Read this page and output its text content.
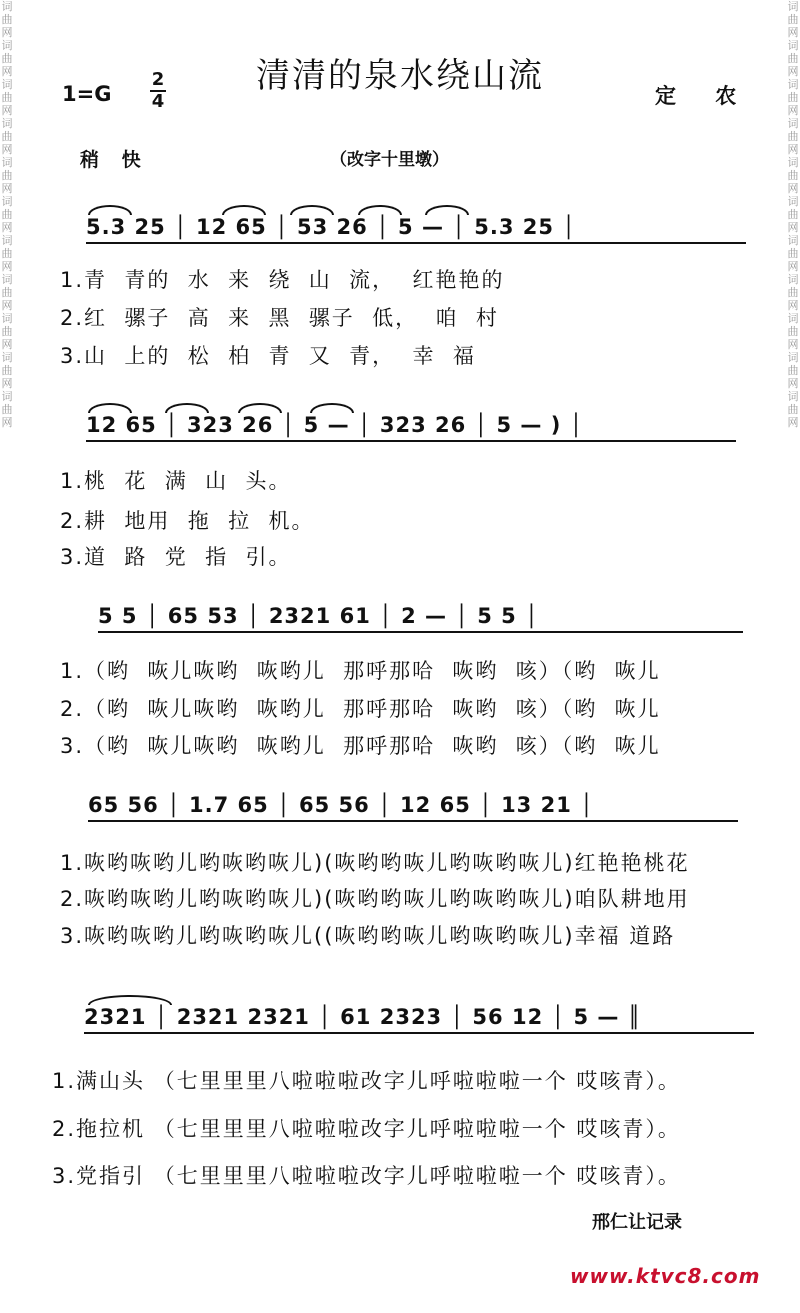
词
曲
网
词
曲
网
词
曲
网
词
曲
网
词
曲
网
词
曲
网
词
曲
网
词
曲
网
词
曲
网
词
曲
网
词
曲
网
词
曲
网
词
曲
网
词
曲
网
词
曲
网
词
曲
网
词
曲
网
词
曲
网
词
曲
网
词
曲
网
词
曲
网
词
曲
网
清清的泉水绕山流
1=G
2
4	定 农
稍 快	（改字十里墩）
5.3 25 │ 12 65 │ 53 26 │ 5 — │ 5.3 25 │
1.青  青的  水  来  绕  山  流，  红艳艳的
2.红  骡子  高  来  黑  骡子  低，  咱  村
3.山  上的  松  柏  青  又  青，  幸  福
12 65 │ 323 26 │ 5 — │ 323 26 │ 5 — ) │
1.桃  花  满  山  头。
2.耕  地用  拖  拉  机。
3.道  路  党  指  引。
5 5 │ 65 53 │ 2321 61 │ 2 — │ 5 5 │
1.（哟  咴儿咴哟  咴哟儿  那呼那哈  咴哟  咳）（哟  咴儿
2.（哟  咴儿咴哟  咴哟儿  那呼那哈  咴哟  咳）（哟  咴儿
3.（哟  咴儿咴哟  咴哟儿  那呼那哈  咴哟  咳）（哟  咴儿
65 56 │ 1.7 65 │ 65 56 │ 12 65 │ 13 21 │
1.咴哟咴哟儿哟咴哟咴儿)(咴哟哟咴儿哟咴哟咴儿)红艳艳桃花
2.咴哟咴哟儿哟咴哟咴儿)(咴哟哟咴儿哟咴哟咴儿)咱队耕地用
3.咴哟咴哟儿哟咴哟咴儿((咴哟哟咴儿哟咴哟咴儿)幸福 道路
2321 │ 2321 2321 │ 61 2323 │ 56 12 │ 5 — ║
1.满山头 （七里里里八啦啦啦改字儿呼啦啦啦一个 哎咳青）。
2.拖拉机 （七里里里八啦啦啦改字儿呼啦啦啦一个 哎咳青）。
3.党指引 （七里里里八啦啦啦改字儿呼啦啦啦一个 哎咳青）。
邢仁让记录
www.ktvc8.com
